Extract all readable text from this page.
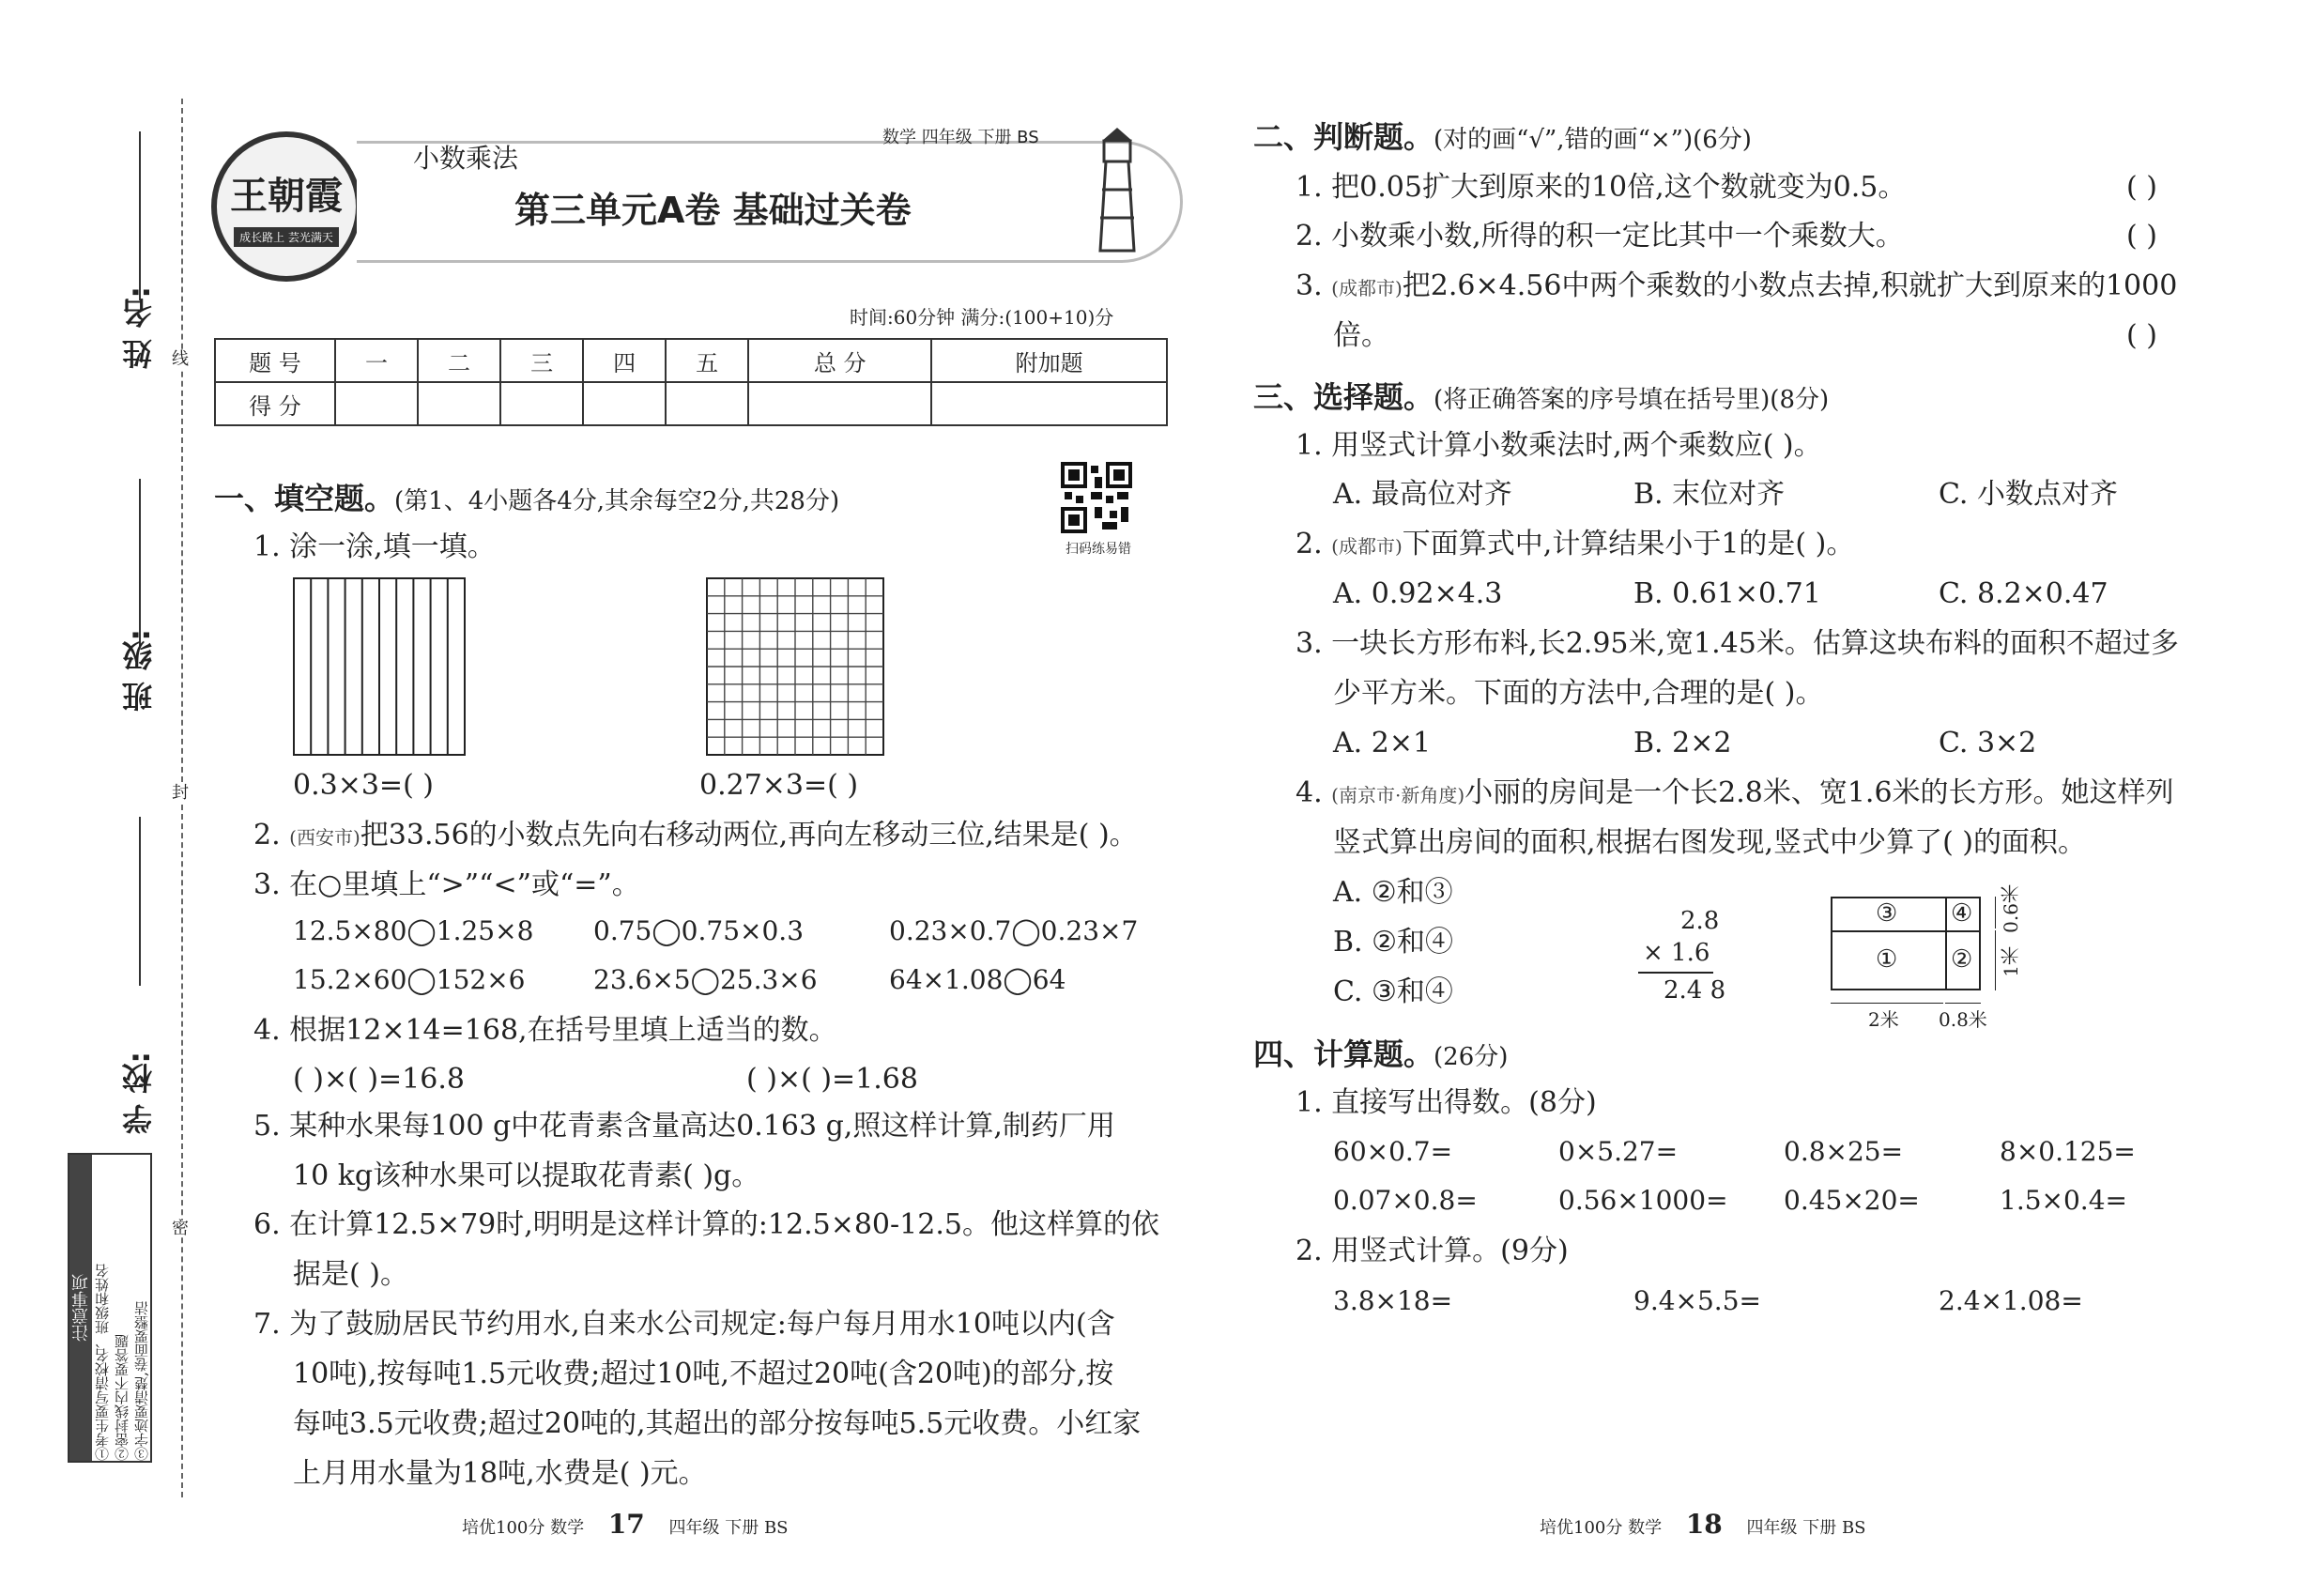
线
封
密
姓 名:
班 级:
学 校:
注意事项 ①考生要写清校名、班级和姓名 ②密封线内不要答题 ③字迹要清楚,卷面要整洁
王朝霞
成长路上 芸光满天
小数乘法
数学 四年级 下册 BS
第三单元A卷 基础过关卷
时间:60分钟 满分:(100+10)分
题 号	一	二	三	四	五	总 分	附加题
得 分							
扫码练易错
一、填空题。(第1、4小题各4分,其余每空2分,共28分)
1. 涂一涂,填一填。
0.3×3=( )	0.27×3=( )
2. (西安市)把33.56的小数点先向右移动两位,再向左移动三位,结果是( )。
3. 在○里填上“>”“<”或“=”。
12.5×80◯1.25×8 0.75◯0.75×0.3	0.23×0.7◯0.23×7
15.2×60◯152×6	23.6×5◯25.3×6	64×1.08◯64
4. 根据12×14=168,在括号里填上适当的数。
( )×( )=16.8	( )×( )=1.68
5. 某种水果每100 g中花青素含量高达0.163 g,照这样计算,制药厂用
10 kg该种水果可以提取花青素( )g。
6. 在计算12.5×79时,明明是这样计算的:12.5×80-12.5。他这样算的依
据是( )。
7. 为了鼓励居民节约用水,自来水公司规定:每户每月用水10吨以内(含
10吨),按每吨1.5元收费;超过10吨,不超过20吨(含20吨)的部分,按
每吨3.5元收费;超过20吨的,其超出的部分按每吨5.5元收费。小红家
上月用水量为18吨,水费是( )元。
培优100分 数学 17 四年级 下册 BS
二、判断题。(对的画“√”,错的画“×”)(6分)
1. 把0.05扩大到原来的10倍,这个数就变为0.5。	( )
2. 小数乘小数,所得的积一定比其中一个乘数大。	( )
3. (成都市)把2.6×4.56中两个乘数的小数点去掉,积就扩大到原来的1000
倍。	( )
三、选择题。(将正确答案的序号填在括号里)(8分)
1. 用竖式计算小数乘法时,两个乘数应( )。
A. 最高位对齐	B. 末位对齐	C. 小数点对齐
2. (成都市)下面算式中,计算结果小于1的是( )。
A. 0.92×4.3	B. 0.61×0.71	C. 8.2×0.47
3. 一块长方形布料,长2.95米,宽1.45米。估算这块布料的面积不超过多
少平方米。下面的方法中,合理的是( )。
A. 2×1	B. 2×2	C. 3×2
4. (南京市·新角度)小丽的房间是一个长2.8米、宽1.6米的长方形。她这样列
竖式算出房间的面积,根据右图发现,竖式中少算了( )的面积。
A. ②和③
B. ②和④
C. ③和④
2.8
× 1.6
2.4 8
③ ④
① ②
2米 0.8米
1米
0.6米
四、计算题。(26分)
1. 直接写出得数。(8分)
60×0.7=	0×5.27=	0.8×25=	8×0.125=
0.07×0.8=	0.56×1000= 0.45×20=	1.5×0.4=
2. 用竖式计算。(9分)
3.8×18=	9.4×5.5=	2.4×1.08=
培优100分 数学 18 四年级 下册 BS
